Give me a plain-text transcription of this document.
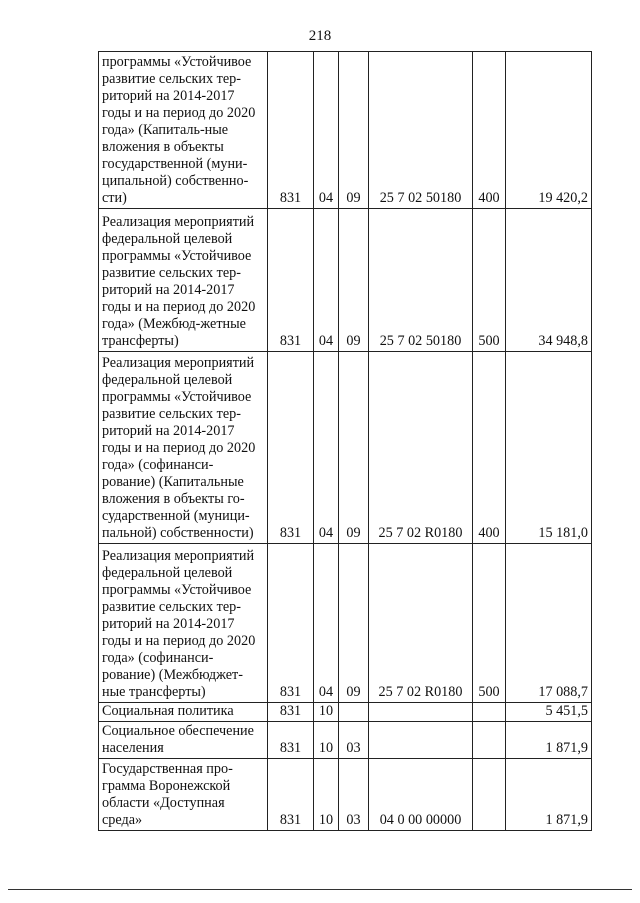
218
программы «Устойчивое развитие сельских тер-риторий на 2014-2017 годы и на период до 2020 года» (Капиталь-ные вложения в объекты государственной (муни-ципальной) собственно-сти)	831	04	09	25 7 02 50180	400	19 420,2
Реализация мероприятий федеральной целевой программы «Устойчивое развитие сельских тер-риторий на 2014-2017 годы и на период до 2020 года» (Межбюд-жетные трансферты)	831	04	09	25 7 02 50180	500	34 948,8
Реализация мероприятий федеральной целевой программы «Устойчивое развитие сельских тер-риторий на 2014-2017 годы и на период до 2020 года» (софинанси-рование) (Капитальные вложения в объекты го-сударственной (муници-пальной) собственности)	831	04	09	25 7 02 R0180	400	15 181,0
Реализация мероприятий федеральной целевой программы «Устойчивое развитие сельских тер-риторий на 2014-2017 годы и на период до 2020 года» (софинанси-рование) (Межбюджет-ные трансферты)	831	04	09	25 7 02 R0180	500	17 088,7
Социальная политика	831	10				5 451,5
Социальное обеспечение населения	831	10	03			1 871,9
Государственная про-грамма Воронежской области «Доступная среда»	831	10	03	04 0 00 00000		1 871,9
